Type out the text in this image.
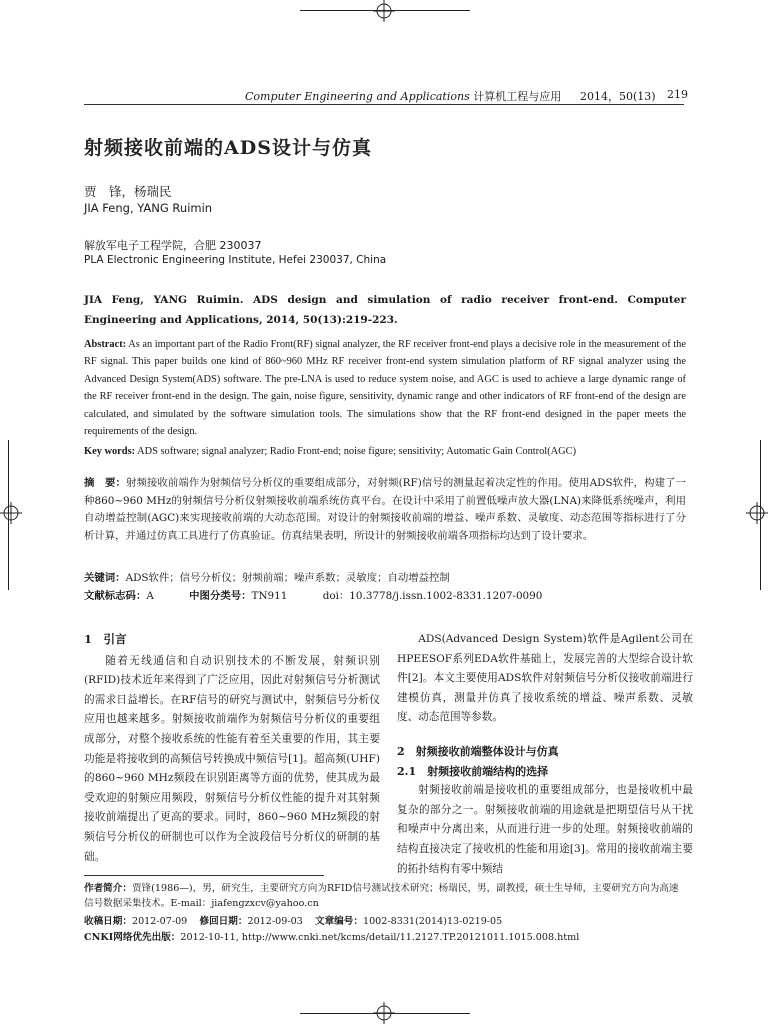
Computer Engineering and Applications 计算机工程与应用 2014，50(13) 219
射频接收前端的ADS设计与仿真
贾　锋，杨瑞民
JIA Feng, YANG Ruimin
解放军电子工程学院，合肥 230037
PLA Electronic Engineering Institute, Hefei 230037, China
JIA Feng, YANG Ruimin. ADS design and simulation of radio receiver front-end. Computer Engineering and Applications, 2014, 50(13):219-223.
Abstract: As an important part of the Radio Front(RF) signal analyzer, the RF receiver front-end plays a decisive role in the measurement of the RF signal. This paper builds one kind of 860~960 MHz RF receiver front-end system simulation platform of RF signal analyzer using the Advanced Design System(ADS) software. The pre-LNA is used to reduce system noise, and AGC is used to achieve a large dynamic range of the RF receiver front-end in the design. The gain, noise figure, sensitivity, dynamic range and other indicators of RF front-end of the design are calculated, and simulated by the software simulation tools. The simulations show that the RF front-end designed in the paper meets the requirements of the design.
Key words: ADS software; signal analyzer; Radio Front-end; noise figure; sensitivity; Automatic Gain Control(AGC)
摘　要：射频接收前端作为射频信号分析仪的重要组成部分，对射频(RF)信号的测量起着决定性的作用。使用ADS软件，构建了一种860~960 MHz的射频信号分析仪射频接收前端系统仿真平台。在设计中采用了前置低噪声放大器(LNA)来降低系统噪声，利用自动增益控制(AGC)来实现接收前端的大动态范围。对设计的射频接收前端的增益、噪声系数、灵敏度、动态范围等指标进行了分析计算，并通过仿真工具进行了仿真验证。仿真结果表明，所设计的射频接收前端各项指标均达到了设计要求。
关键词：ADS软件；信号分析仪；射频前端；噪声系数；灵敏度；自动增益控制
文献标志码：A	中图分类号：TN911	doi：10.3778/j.issn.1002-8331.1207-0090
1　引言

随着无线通信和自动识别技术的不断发展，射频识别(RFID)技术近年来得到了广泛应用，因此对射频信号分析测试的需求日益增长。在RF信号的研究与测试中，射频信号分析仪应用也越来越多。射频接收前端作为射频信号分析仪的重要组成部分，对整个接收系统的性能有着至关重要的作用，其主要功能是将接收到的高频信号转换成中频信号[1]。超高频(UHF)的860~960 MHz频段在识别距离等方面的优势，使其成为最受欢迎的射频应用频段，射频信号分析仪性能的提升对其射频接收前端提出了更高的要求。同时，860~960 MHz频段的射频信号分析仪的研制也可以作为全波段信号分析仪的研制的基础。

ADS(Advanced Design System)软件是Agilent公司在HPEESOF系列EDA软件基础上，发展完善的大型综合设计软件[2]。本文主要使用ADS软件对射频信号分析仪接收前端进行建模仿真，测量并仿真了接收系统的增益、噪声系数、灵敏度、动态范围等参数。

2　射频接收前端整体设计与仿真
2.1　射频接收前端结构的选择

射频接收前端是接收机的重要组成部分，也是接收机中最复杂的部分之一。射频接收前端的用途就是把期望信号从干扰和噪声中分离出来，从而进行进一步的处理。射频接收前端的结构直接决定了接收机的性能和用途[3]。常用的接收前端主要的拓扑结构有零中频结

作者简介：贾锋(1986—)，男，研究生，主要研究方向为RFID信号测试技术研究；杨瑞民，男，副教授，硕士生导师，主要研究方向为高速信号数据采集技术。E-mail：jiafengzxcv@yahoo.cn
收稿日期：2012-07-09 修回日期：2012-09-03 文章编号：1002-8331(2014)13-0219-05
CNKI网络优先出版：2012-10-11, http://www.cnki.net/kcms/detail/11.2127.TP.20121011.1015.008.html
